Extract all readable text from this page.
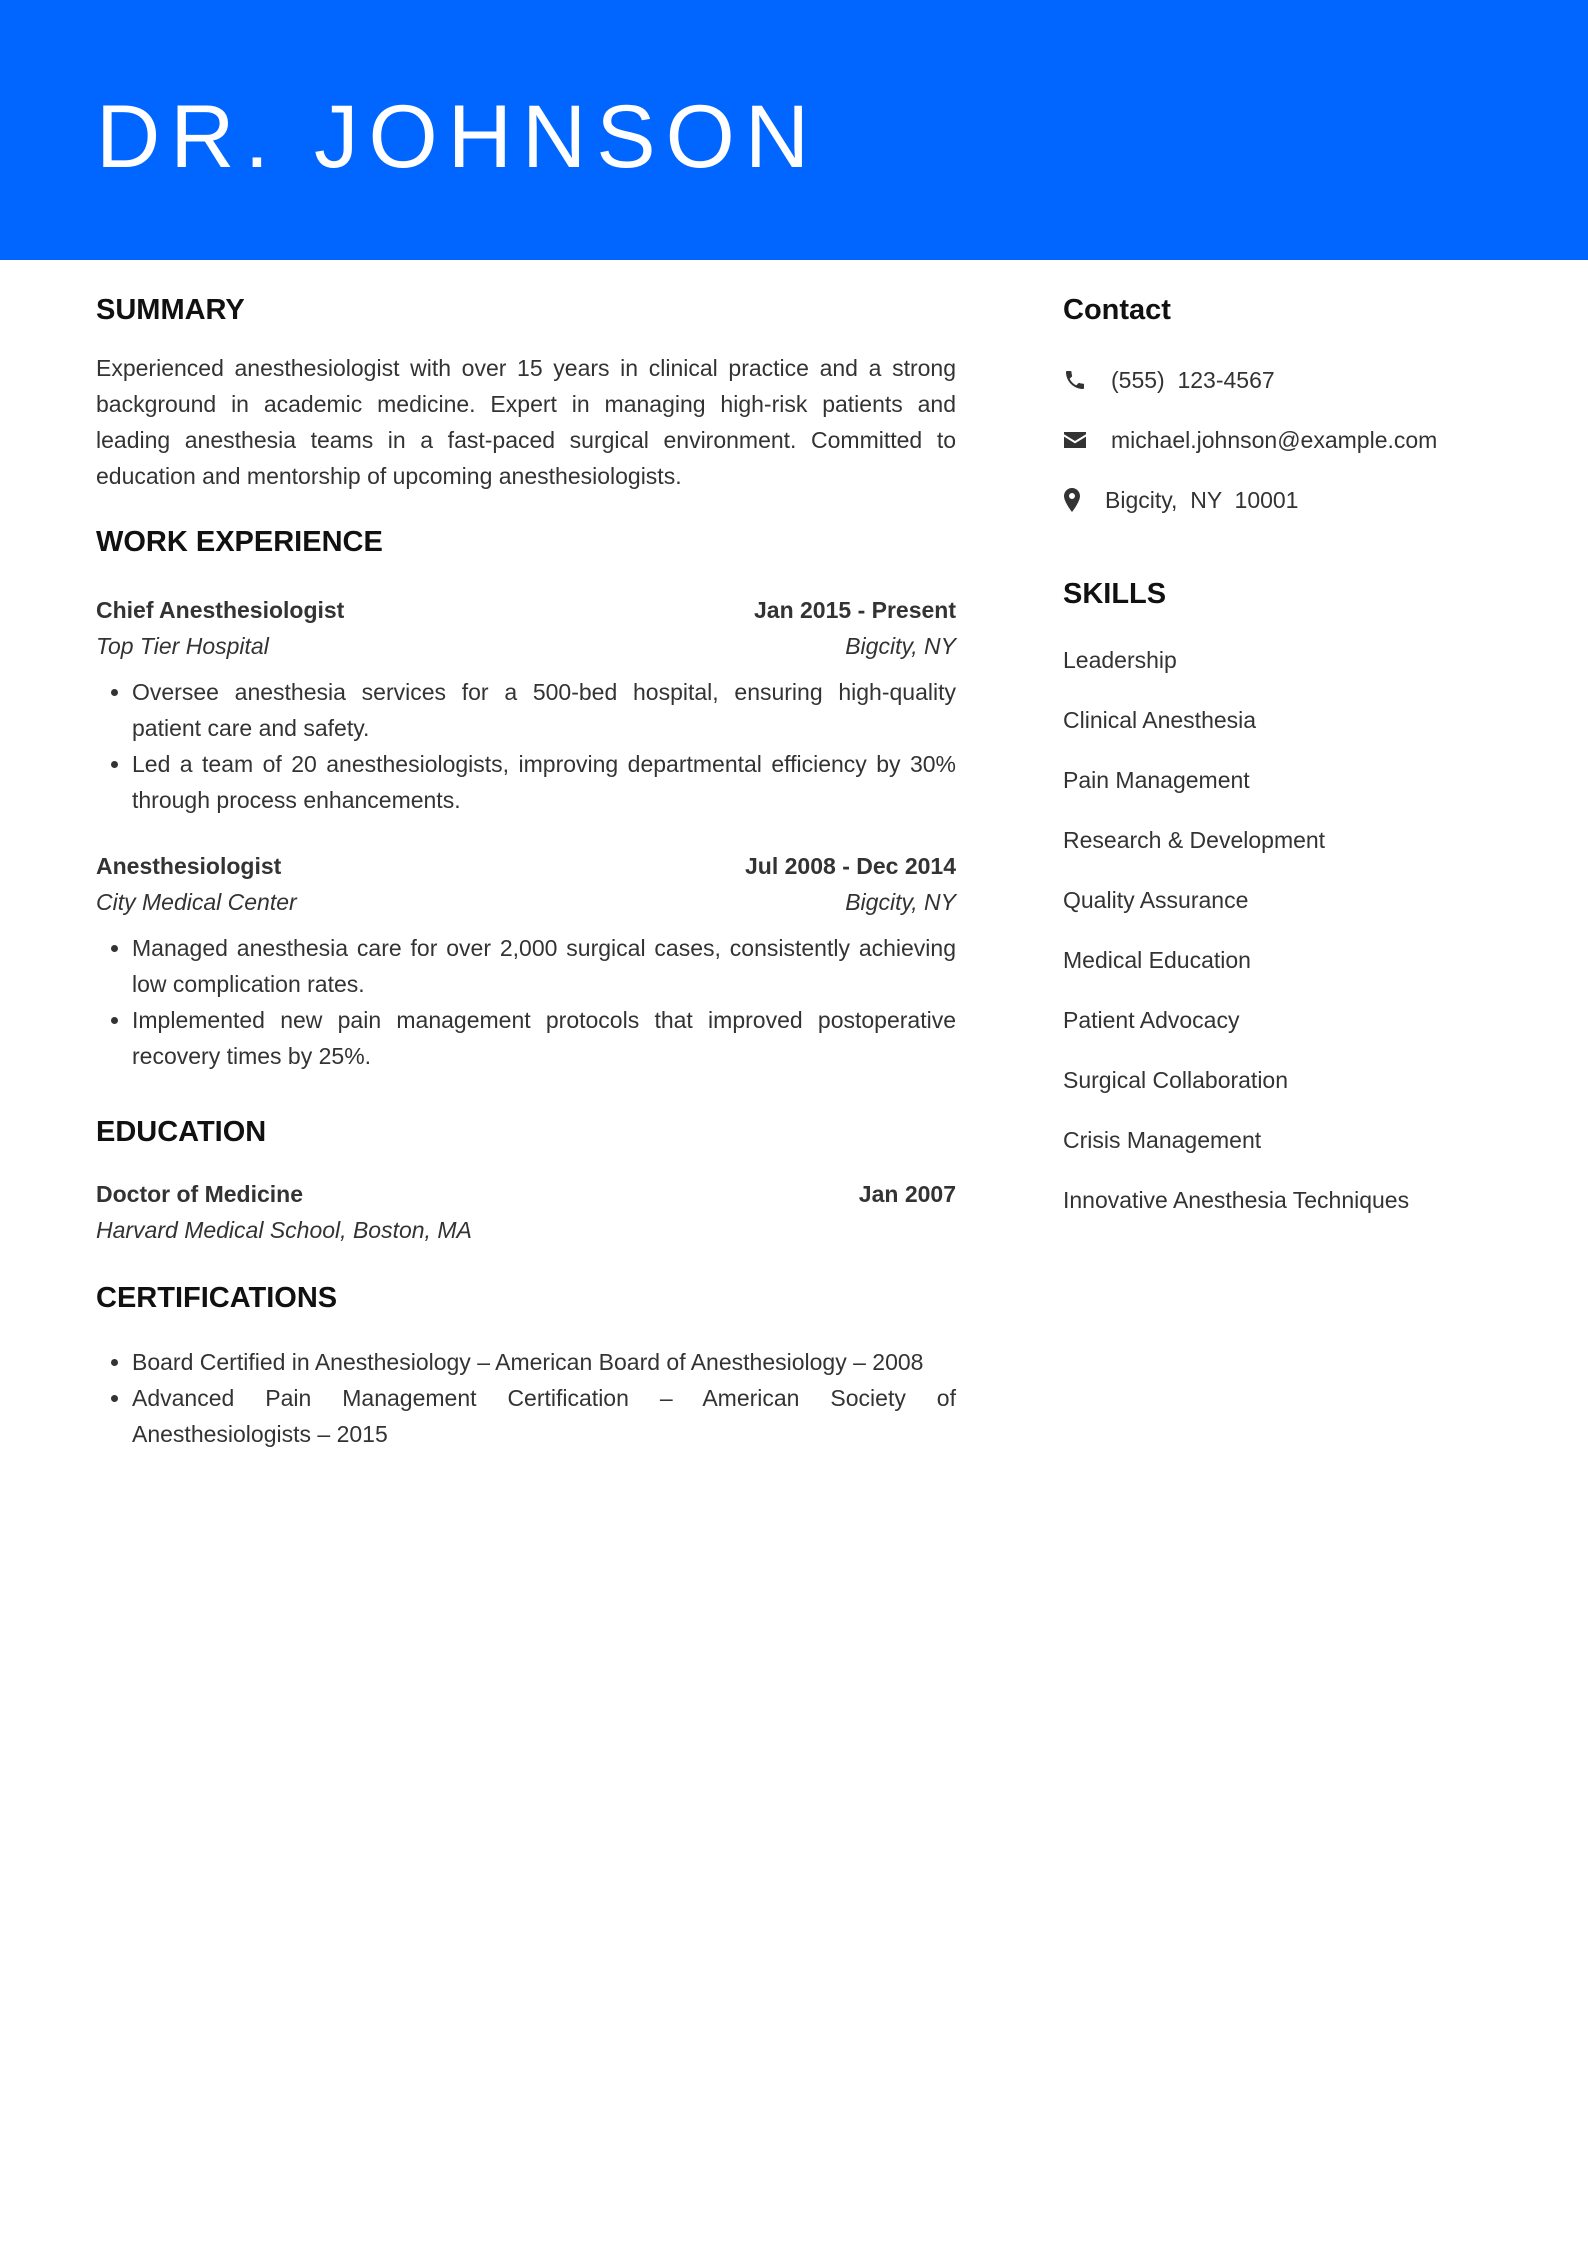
DR. JOHNSON
SUMMARY

Experienced anesthesiologist with over 15 years in clinical practice and a strong background in academic medicine. Expert in managing high-risk patients and leading anesthesia teams in a fast-paced surgical environment. Committed to education and mentorship of upcoming anesthesiologists.

WORK EXPERIENCE
Chief Anesthesiologist	Jan 2015 - Present
Top Tier Hospital	Bigcity, NY
• Oversee anesthesia services for a 500-bed hospital, ensuring high-quality patient care and safety.
• Led a team of 20 anesthesiologists, improving departmental efficiency by 30% through process enhancements.
Anesthesiologist	Jul 2008 - Dec 2014
City Medical Center	Bigcity, NY
• Managed anesthesia care for over 2,000 surgical cases, consistently achieving low complication rates.
• Implemented new pain management protocols that improved postoperative recovery times by 25%.
EDUCATION
Doctor of Medicine	Jan 2007
Harvard Medical School, Boston, MA
CERTIFICATIONS
• Board Certified in Anesthesiology – American Board of Anesthesiology – 2008
• Advanced Pain Management Certification – American Society of Anesthesiologists – 2015
Contact
(555)  123-4567
michael.johnson@example.com
Bigcity,  NY  10001
SKILLS
Leadership
Clinical Anesthesia
Pain Management
Research & Development
Quality Assurance
Medical Education
Patient Advocacy
Surgical Collaboration
Crisis Management
Innovative Anesthesia Techniques
